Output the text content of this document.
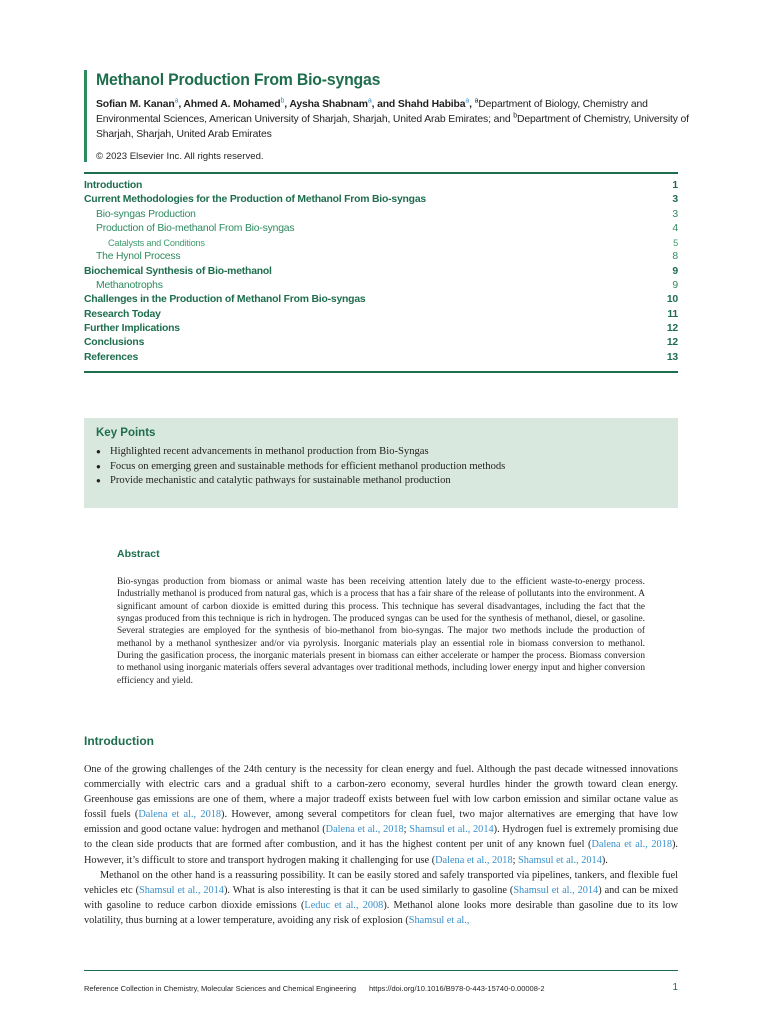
Methanol Production From Bio-syngas
Sofian M. Kanan$^a$, Ahmed A. Mohamed$^b$, Aysha Shabnam$^a$, and Shahd Habiba$^a$, $^a$Department of Biology, Chemistry and Environmental Sciences, American University of Sharjah, Sharjah, United Arab Emirates; and $^b$Department of Chemistry, University of Sharjah, Sharjah, United Arab Emirates
© 2023 Elsevier Inc. All rights reserved.
Introduction	1
Current Methodologies for the Production of Methanol From Bio-syngas	3
Bio-syngas Production	3
Production of Bio-methanol From Bio-syngas	4
Catalysts and Conditions	5
The Hynol Process	8
Biochemical Synthesis of Bio-methanol	9
Methanotrophs	9
Challenges in the Production of Methanol From Bio-syngas	10
Research Today	11
Further Implications	12
Conclusions	12
References	13
Key Points
● Highlighted recent advancements in methanol production from Bio-Syngas
● Focus on emerging green and sustainable methods for efficient methanol production methods
● Provide mechanistic and catalytic pathways for sustainable methanol production
Abstract

Bio-syngas production from biomass or animal waste has been receiving attention lately due to the efficient waste-to-energy process. Industrially methanol is produced from natural gas, which is a process that has a fair share of the release of pollutants into the environment. A significant amount of carbon dioxide is emitted during this process. This technique has several disadvantages, including the fact that the syngas produced from this technique is rich in hydrogen. The produced syngas can be used for the synthesis of methanol, diesel, or gasoline. Several strategies are employed for the synthesis of bio-methanol from bio-syngas. The major two methods include the production of methanol by a methanol synthesizer and/or via pyrolysis. Inorganic materials play an essential role in biomass conversion to methanol. During the gasification process, the inorganic materials present in biomass can either accelerate or hamper the process. Biomass conversion to methanol using inorganic materials offers several advantages over traditional methods, including lower energy input and higher conversion efficiency and yield.

Introduction

One of the growing challenges of the 24th century is the necessity for clean energy and fuel. Although the past decade witnessed innovations commercially with electric cars and a gradual shift to a carbon-zero economy, several hurdles hinder the growth toward clean energy. Greenhouse gas emissions are one of them, where a major tradeoff exists between fuel with low carbon emission and similar octane value as fossil fuels (Dalena et al., 2018). However, among several competitors for clean fuel, two major alternatives are emerging that have low emission and good octane value: hydrogen and methanol (Dalena et al., 2018; Shamsul et al., 2014). Hydrogen fuel is extremely promising due to the clean side products that are formed after combustion, and it has the highest content per unit of any known fuel (Dalena et al., 2018). However, it’s difficult to store and transport hydrogen making it challenging for use (Dalena et al., 2018; Shamsul et al., 2014).

Methanol on the other hand is a reassuring possibility. It can be easily stored and safely transported via pipelines, tankers, and flexible fuel vehicles etc (Shamsul et al., 2014). What is also interesting is that it can be used similarly to gasoline (Shamsul et al., 2014) and can be mixed with gasoline to reduce carbon dioxide emissions (Leduc et al., 2008). Methanol alone looks more desirable than gasoline due to its low volatility, thus burning at a lower temperature, avoiding any risk of explosion (Shamsul et al.,

Reference Collection in Chemistry, Molecular Sciences and Chemical Engineering https://doi.org/10.1016/B978-0-443-15740-0.00008-2	1
